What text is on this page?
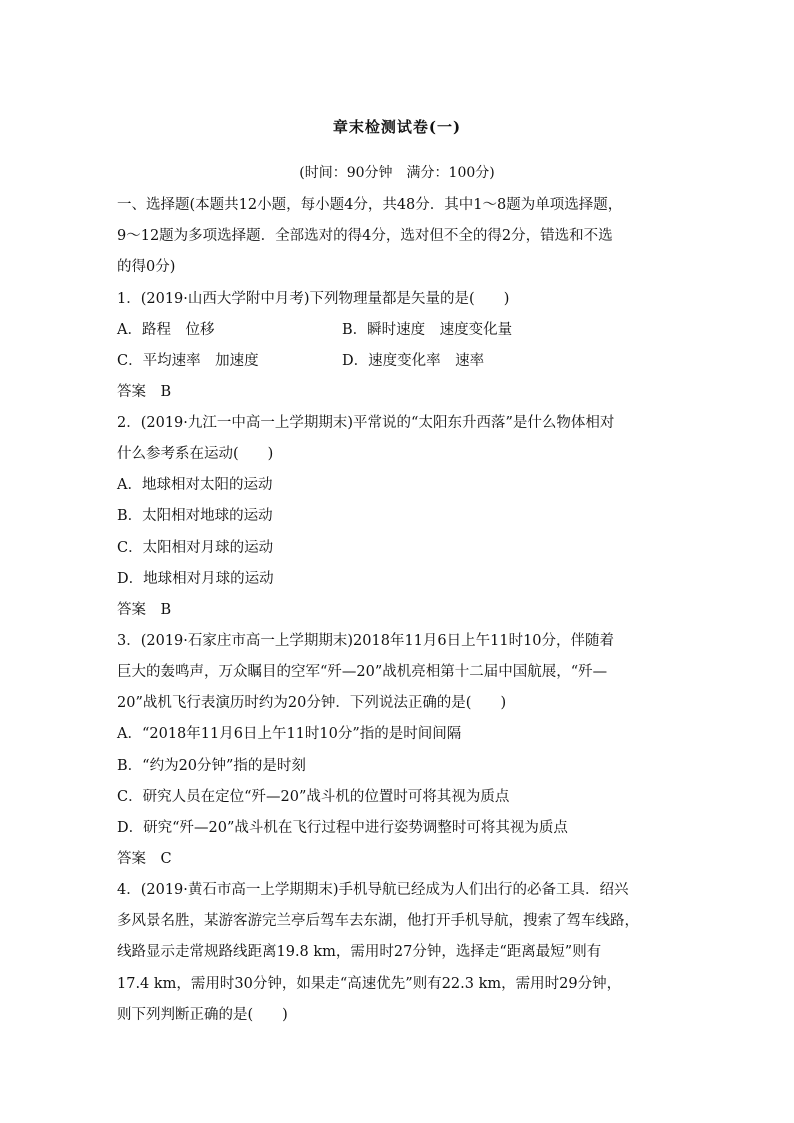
章末检测试卷(一)
(时间：90分钟　满分：100分)
一、选择题(本题共12小题，每小题4分，共48分．其中1～8题为单项选择题，
9～12题为多项选择题．全部选对的得4分，选对但不全的得2分，错选和不选
的得0分)
1．(2019·山西大学附中月考)下列物理量都是矢量的是(　　)
A．路程　位移	B．瞬时速度　速度变化量
C．平均速率　加速度	D．速度变化率　速率
答案　B
2．(2019·九江一中高一上学期期末)平常说的“太阳东升西落”是什么物体相对
什么参考系在运动(　　)
A．地球相对太阳的运动
B．太阳相对地球的运动
C．太阳相对月球的运动
D．地球相对月球的运动
答案　B
3．(2019·石家庄市高一上学期期末)2018年11月6日上午11时10分，伴随着
巨大的轰鸣声，万众瞩目的空军“歼—20”战机亮相第十二届中国航展，“歼—
20”战机飞行表演历时约为20分钟．下列说法正确的是(　　)
A．“2018年11月6日上午11时10分”指的是时间间隔
B．“约为20分钟”指的是时刻
C．研究人员在定位“歼—20”战斗机的位置时可将其视为质点
D．研究“歼—20”战斗机在飞行过程中进行姿势调整时可将其视为质点
答案　C
4．(2019·黄石市高一上学期期末)手机导航已经成为人们出行的必备工具．绍兴
多风景名胜，某游客游完兰亭后驾车去东湖，他打开手机导航，搜索了驾车线路，
线路显示走常规路线距离19.8 km，需用时27分钟，选择走“距离最短”则有
17.4 km，需用时30分钟，如果走“高速优先”则有22.3 km，需用时29分钟，
则下列判断正确的是(　　)
